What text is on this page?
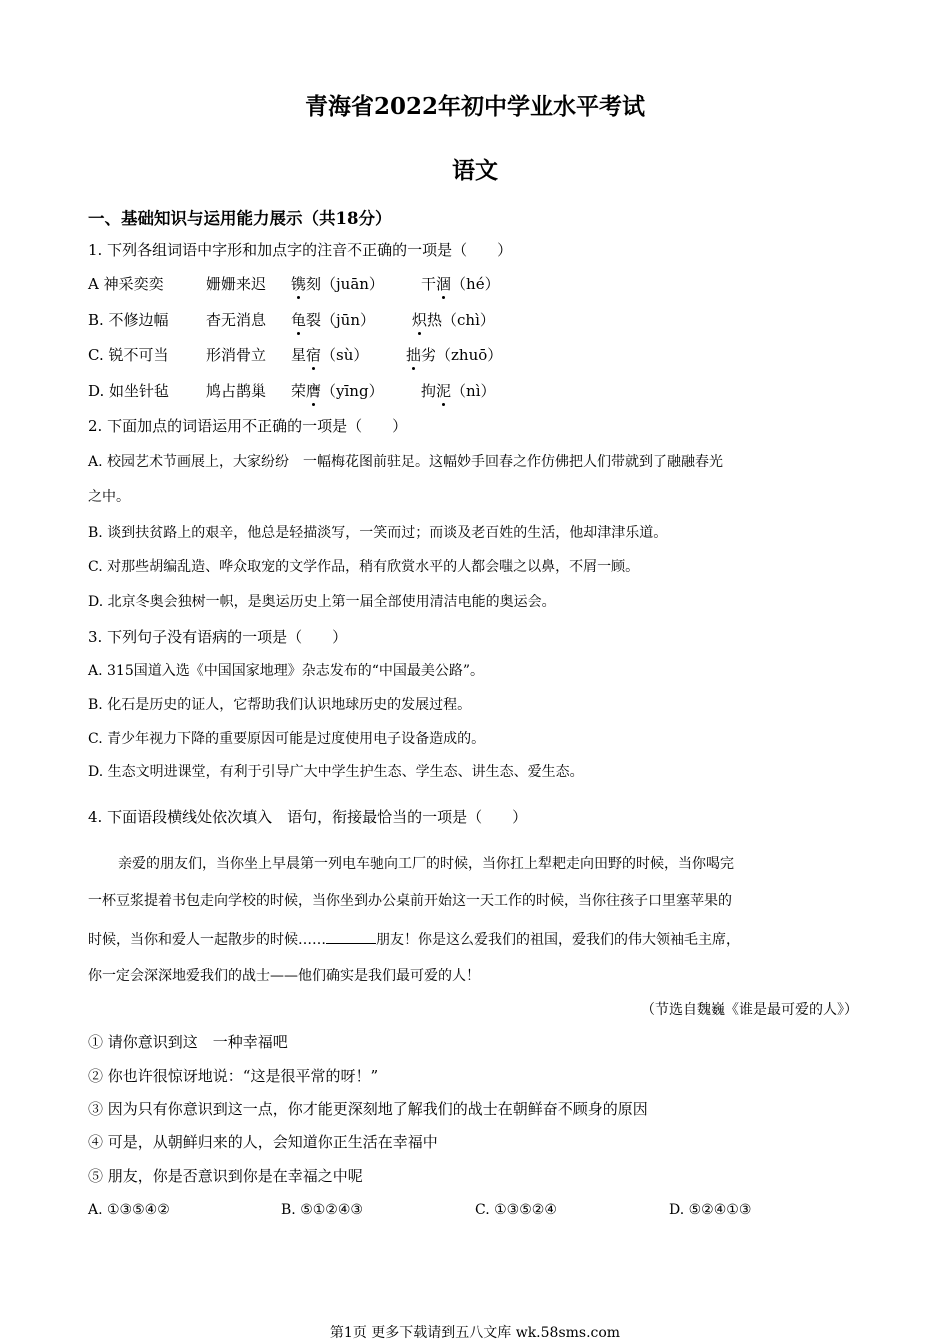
青海省2022年初中学业水平考试
语文
一、基础知识与运用能力展示（共18分）
1. 下列各组词语中字形和加点字的注音不正确的一项是（　　）
A 神采奕奕	姗姗来迟 镌刻（juān） 干涸（hé）
B. 不修边幅 杳无消息 龟裂（jūn） 炽热（chì）
C. 锐不可当	形消骨立 星宿（sù）	拙劣（zhuō）
D. 如坐针毡 鸠占鹊巢 荣膺（yīng） 拘泥（nì）
2. 下面加点的词语运用不正确的一项是（　　）
A. 校园艺术节画展上，大家纷纷　一幅梅花图前驻足。这幅妙手回春之作仿佛把人们带就到了融融春光
之中。
B. 谈到扶贫路上的艰辛，他总是轻描淡写，一笑而过；而谈及老百姓的生活，他却津津乐道。
C. 对那些胡编乱造、哗众取宠的文学作品，稍有欣赏水平的人都会嗤之以鼻，不屑一顾。
D. 北京冬奥会独树一帜，是奥运历史上第一届全部使用清洁电能的奥运会。
3. 下列句子没有语病的一项是（　　）
A. 315国道入选《中国国家地理》杂志发布的“中国最美公路”。
B. 化石是历史的证人，它帮助我们认识地球历史的发展过程。
C. 青少年视力下降的重要原因可能是过度使用电子设备造成的。
D. 生态文明进课堂，有利于引导广大中学生护生态、学生态、讲生态、爱生态。
4. 下面语段横线处依次填入　语句，衔接最恰当的一项是（　　）
亲爱的朋友们，当你坐上早晨第一列电车驰向工厂的时候，当你扛上犁耙走向田野的时候，当你喝完
一杯豆浆提着书包走向学校的时候，当你坐到办公桌前开始这一天工作的时候，当你往孩子口里塞苹果的
时候，当你和爱人一起散步的时候……	朋友！你是这么爱我们的祖国，爱我们的伟大领袖毛主席，
你一定会深深地爱我们的战士——他们确实是我们最可爱的人！
（节选自魏巍《谁是最可爱的人》）
① 请你意识到这　一种幸福吧
② 你也许很惊讶地说：“这是很平常的呀！”
③ 因为只有你意识到这一点，你才能更深刻地了解我们的战士在朝鲜奋不顾身的原因
④ 可是，从朝鲜归来的人，会知道你正生活在幸福中
⑤ 朋友，你是否意识到你是在幸福之中呢
A. ①③⑤④②	B. ⑤①②④③	C. ①③⑤②④	D. ⑤②④①③
第1页 更多下载请到五八文库 wk.58sms.com
